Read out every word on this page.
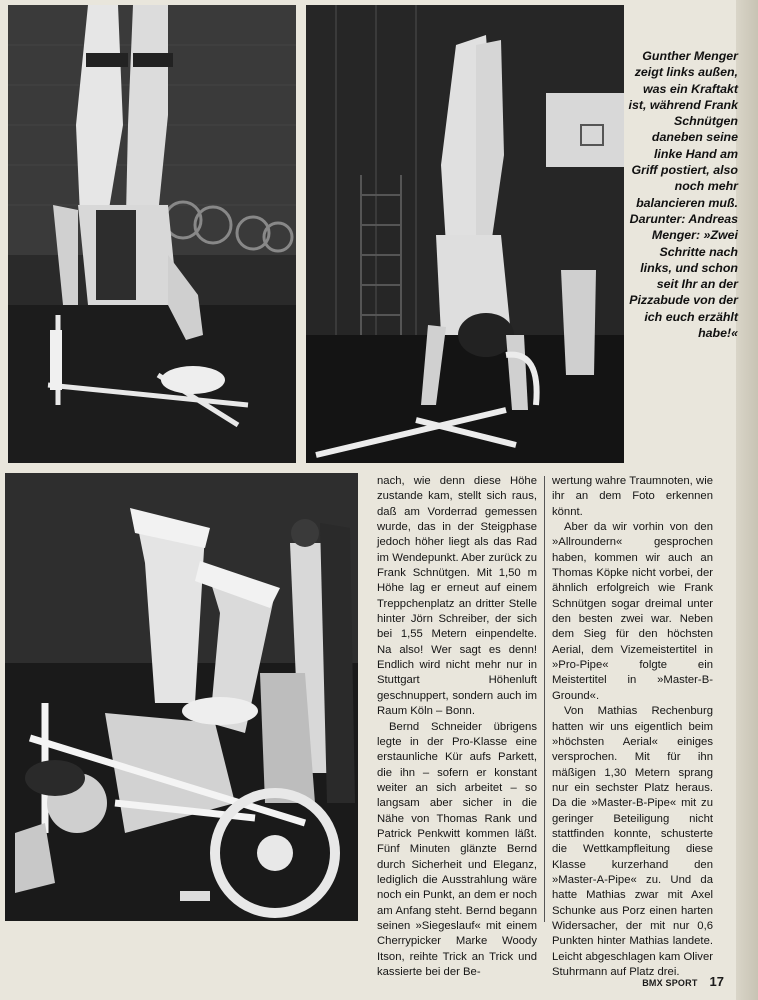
Gunther Menger zeigt links außen, was ein Kraftakt ist, während Frank Schnütgen daneben seine linke Hand am Griff postiert, also noch mehr balancieren muß. Darunter: Andreas Menger: »Zwei Schritte nach links, und schon seit Ihr an der Pizzabude von der ich euch erzählt habe!«

nach, wie denn diese Höhe zustande kam, stellt sich raus, daß am Vorderrad gemessen wurde, das in der Steigphase jedoch höher liegt als das Rad im Wendepunkt. Aber zurück zu Frank Schnütgen. Mit 1,50 m Höhe lag er erneut auf einem Treppchenplatz an dritter Stelle hinter Jörn Schreiber, der sich bei 1,55 Metern einpendelte. Na also! Wer sagt es denn! Endlich wird nicht mehr nur in Stuttgart Höhenluft geschnuppert, sondern auch im Raum Köln – Bonn.

Bernd Schneider übrigens legte in der Pro-Klasse eine erstaunliche Kür aufs Parkett, die ihn – sofern er konstant weiter an sich arbeitet – so langsam aber sicher in die Nähe von Thomas Rank und Patrick Penkwitt kommen läßt. Fünf Minuten glänzte Bernd durch Sicherheit und Eleganz, lediglich die Ausstrahlung wäre noch ein Punkt, an dem er noch am Anfang steht. Bernd begann seinen »Siegeslauf« mit einem Cherrypicker Marke Woody Itson, reihte Trick an Trick und kassierte bei der Be-

wertung wahre Traumnoten, wie ihr an dem Foto erkennen könnt.

Aber da wir vorhin von den »Allroundern« gesprochen haben, kommen wir auch an Thomas Köpke nicht vorbei, der ähnlich erfolgreich wie Frank Schnütgen sogar dreimal unter den besten zwei war. Neben dem Sieg für den höchsten Aerial, dem Vizemeistertitel in »Pro-Pipe« folgte ein Meistertitel in »Master-B-Ground«.

Von Mathias Rechenburg hatten wir uns eigentlich beim »höchsten Aerial« einiges versprochen. Mit für ihn mäßigen 1,30 Metern sprang nur ein sechster Platz heraus. Da die »Master-B-Pipe« mit zu geringer Beteiligung nicht stattfinden konnte, schusterte die Wettkampfleitung diese Klasse kurzerhand den »Master-A-Pipe« zu. Und da hatte Mathias zwar mit Axel Schunke aus Porz einen harten Widersacher, der mit nur 0,6 Punkten hinter Mathias landete. Leicht abgeschlagen kam Oliver Stuhrmann auf Platz drei.

BMX SPORT 17
